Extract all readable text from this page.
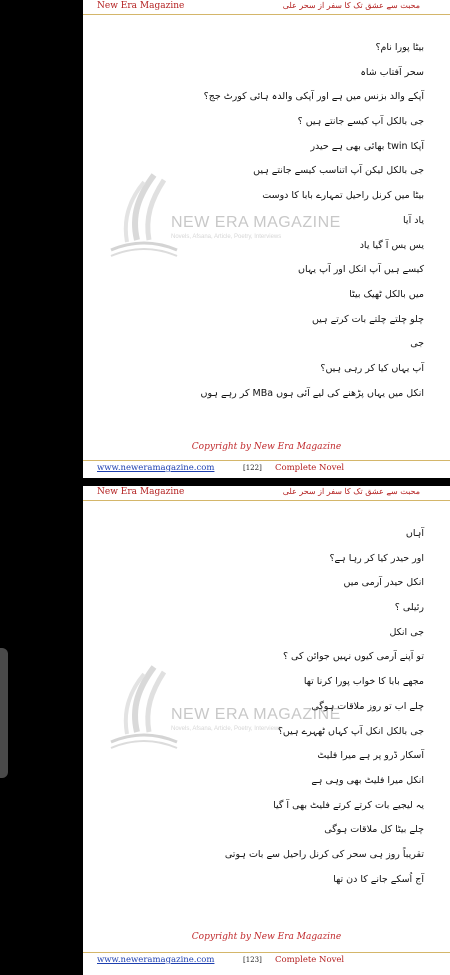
New Era Magazine	محبت سے عشق تک کا سفر از سحر علی
NEW ERA MAGAZINE
Novels, Afsana, Article, Poetry, Interviews
بیٹا پورا نام؟
سحر آفتاب شاہ
آپکے والد بزنس میں ہے اور آپکی والدہ ہائی کورٹ جج؟
جی بالکل آپ کیسے جانتے ہیں ؟
آپکا twin بھائی بھی ہے حیدر
جی بالکل لیکن آپ اتناسب کیسے جانتے ہیں
بیٹا میں کرنل راحیل تمہارے بابا کا دوست
یاد آیا
یس یس آ گیا یاد
کیسے ہیں آپ انکل اور آپ یہاں
میں بالکل ٹھیک بیٹا
چلو چلتے چلتے بات کرتے ہیں
جی
آپ یہاں کیا کر رہی ہیں؟
انکل میں یہاں پڑھنے کی لیے آئی ہوں MBa کر رہے ہوں
Copyright by New Era Magazine
www.neweramagazine.com	[122] Complete Novel
New Era Magazine	محبت سے عشق تک کا سفر از سحر علی
NEW ERA MAGAZINE
Novels, Afsana, Article, Poetry, Interviews
آہاں
اور حیدر کیا کر رہا ہے؟
انکل حیدر آرمی میں
رئیلی ؟
جی انکل
تو آپنے آرمی کیوں نہیں جوائن کی ؟
مجھے بابا کا خواب پورا کرنا تھا
چلے اب تو روز ملاقات ہوگی
جی بالکل انکل آپ کہاں ٹھہرے ہیں؟
آسکار ڈرو پر ہے میرا فلیٹ
انکل میرا فلیٹ بھی وہی ہے
یہ لیجیے بات کرتے کرتے فلیٹ بھی آ گیا
چلے بیٹا کل ملاقات ہوگی
تقریباً روز ہی سحر کی کرنل راحیل سے بات ہوتی
آج اُسکے جانے کا دن تھا
Copyright by New Era Magazine
www.neweramagazine.com	[123] Complete Novel
